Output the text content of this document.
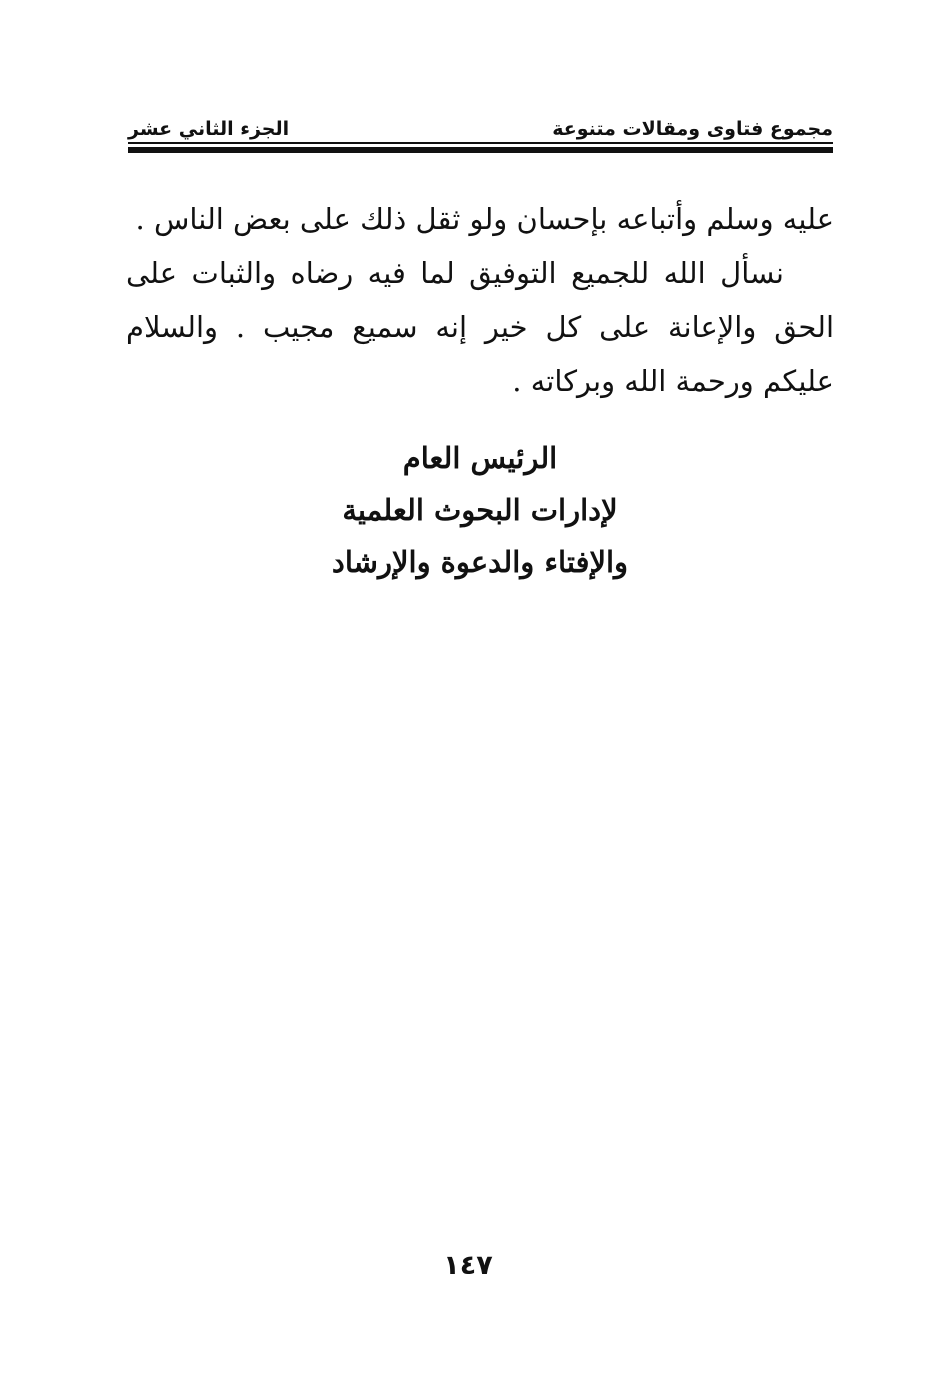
مجموع فتاوى ومقالات متنوعة
الجزء الثاني عشر

عليه وسلم وأتباعه بإحسان ولو ثقل ذلك على بعض الناس .

نسأل الله للجميع التوفيق لما فيه رضاه والثبات على الحق والإعانة على كل خير إنه سميع مجيب . والسلام عليكم ورحمة الله وبركاته .

الرئيس العام
لإدارات البحوث العلمية
والإفتاء والدعوة والإرشاد
١٤٧
